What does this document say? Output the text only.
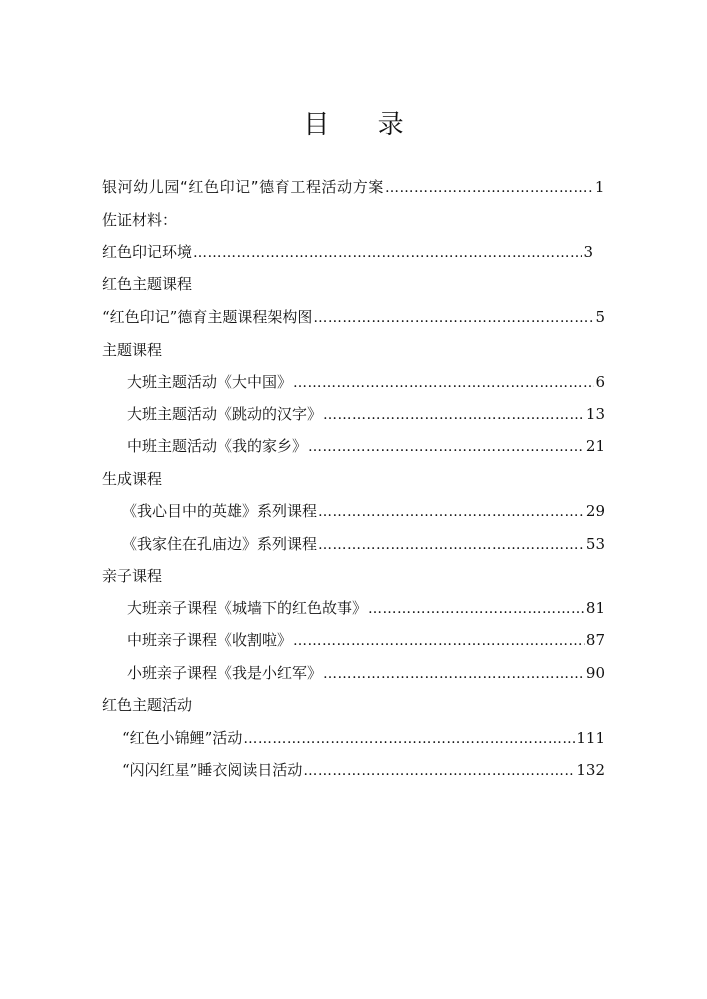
目 录
银河幼儿园“红色印记”德育工程活动方案 ……………………………………………………………………………………………………………………………………………………………………………………	1
佐证材料：
红色印记环境 ……………………………………………………………………………………………………………………………………………………………………………………	3
红色主题课程
“红色印记”德育主题课程架构图 ……………………………………………………………………………………………………………………………………………………………………………………	5
主题课程
大班主题活动《大中国》 ……………………………………………………………………………………………………………………………………………………………………………………	6
大班主题活动《跳动的汉字》 ……………………………………………………………………………………………………………………………………………………………………………………	13
中班主题活动《我的家乡》 ……………………………………………………………………………………………………………………………………………………………………………………	21
生成课程
《我心目中的英雄》系列课程 ……………………………………………………………………………………………………………………………………………………………………………………	29
《我家住在孔庙边》系列课程 ……………………………………………………………………………………………………………………………………………………………………………………	53
亲子课程
大班亲子课程《城墙下的红色故事》 ……………………………………………………………………………………………………………………………………………………………………………………	81
中班亲子课程《收割啦》 ……………………………………………………………………………………………………………………………………………………………………………………	87
小班亲子课程《我是小红军》 ……………………………………………………………………………………………………………………………………………………………………………………	90
红色主题活动
“红色小锦鲤”活动 ……………………………………………………………………………………………………………………………………………………………………………………	111
“闪闪红星”睡衣阅读日活动 ……………………………………………………………………………………………………………………………………………………………………………………	132
